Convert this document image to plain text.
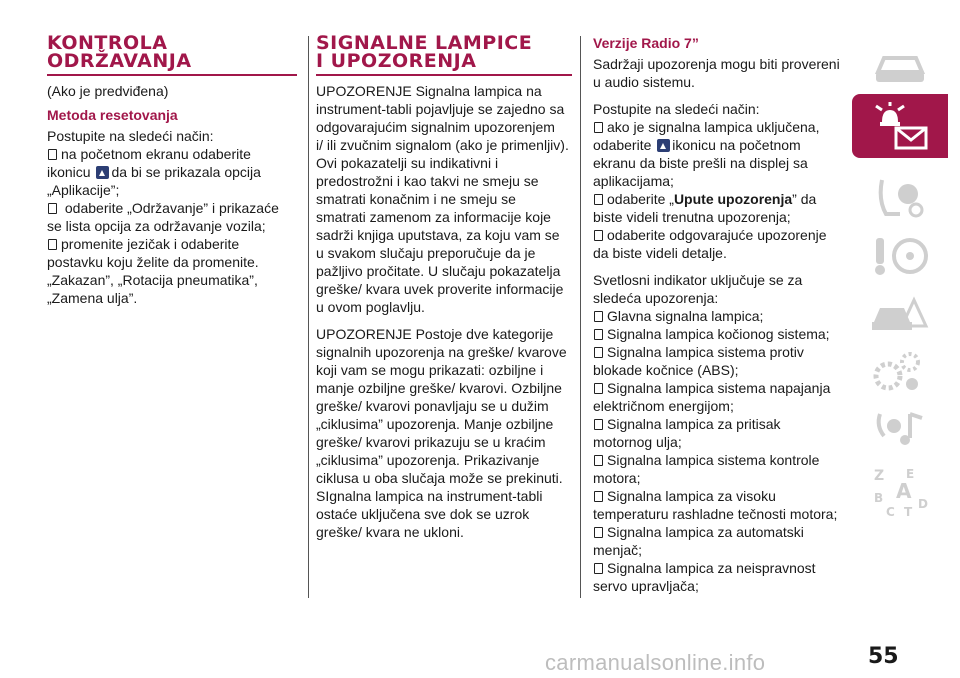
KONTROLA
ODRŽAVANJA

(Ako je predviđena)

Metoda resetovanja

Postupite na sledeći način:

na početnom ekranu odaberite

ikonicu da bi se prikazala opcija

„Aplikacije”;

odaberite „Održavanje” i prikazaće

se lista opcija za održavanje vozila;

promenite jezičak i odaberite

postavku koju želite da promenite.

„Zakazan”, „Rotacija pneumatika”,

„Zamena ulja”.

SIGNALNE LAMPICE
I UPOZORENJA
UPOZORENJE Signalna lampica na
instrument-tabli pojavljuje se zajedno sa
odgovarajućim signalnim upozorenjem
i/ ili zvučnim signalom (ako je primenljiv).
Ovi pokazatelji su indikativni i
predostrožni i kao takvi ne smeju se
smatrati konačnim i ne smeju se
smatrati zamenom za informacije koje
sadrži knjiga uputstava, za koju vam se
u svakom slučaju preporučuje da je
pažljivo pročitate. U slučaju pokazatelja
greške/ kvara uvek proverite informacije
u ovom poglavlju.
UPOZORENJE Postoje dve kategorije
signalnih upozorenja na greške/ kvarove
koji vam se mogu prikazati: ozbiljne i
manje ozbiljne greške/ kvarovi. Ozbiljne
greške/ kvarovi ponavljaju se u dužim
„ciklusima” upozorenja. Manje ozbiljne
greške/ kvarovi prikazuju se u kraćim
„ciklusima” upozorenja. Prikazivanje
ciklusa u oba slučaja može se prekinuti.
SIgnalna lampica na instrument-tabli
ostaće uključena sve dok se uzrok
greške/ kvara ne ukloni.

Verzije Radio 7”

Sadržaji upozorenja mogu biti provereni
u audio sistemu.

Postupite na sledeći način:

ako je signalna lampica uključena,

odaberite ikonicu na početnom

ekranu da biste prešli na displej sa

aplikacijama;

odaberite „Upute upozorenja” da

biste videli trenutna upozorenja;

odaberite odgovarajuće upozorenje

da biste videli detalje.

Svetlosni indikator uključuje se za

sledeća upozorenja:

Glavna signalna lampica;

Signalna lampica kočionog sistema;

Signalna lampica sistema protiv

blokade kočnice (ABS);

Signalna lampica sistema napajanja

električnom energijom;

Signalna lampica za pritisak

motornog ulja;

Signalna lampica sistema kontrole

motora;

Signalna lampica za visoku

temperaturu rashladne tečnosti motora;

Signalna lampica za automatski

menjač;

Signalna lampica za neispravnost

servo upravljača;

Z E
B A
C T
D
carmanualsonline.info	55
